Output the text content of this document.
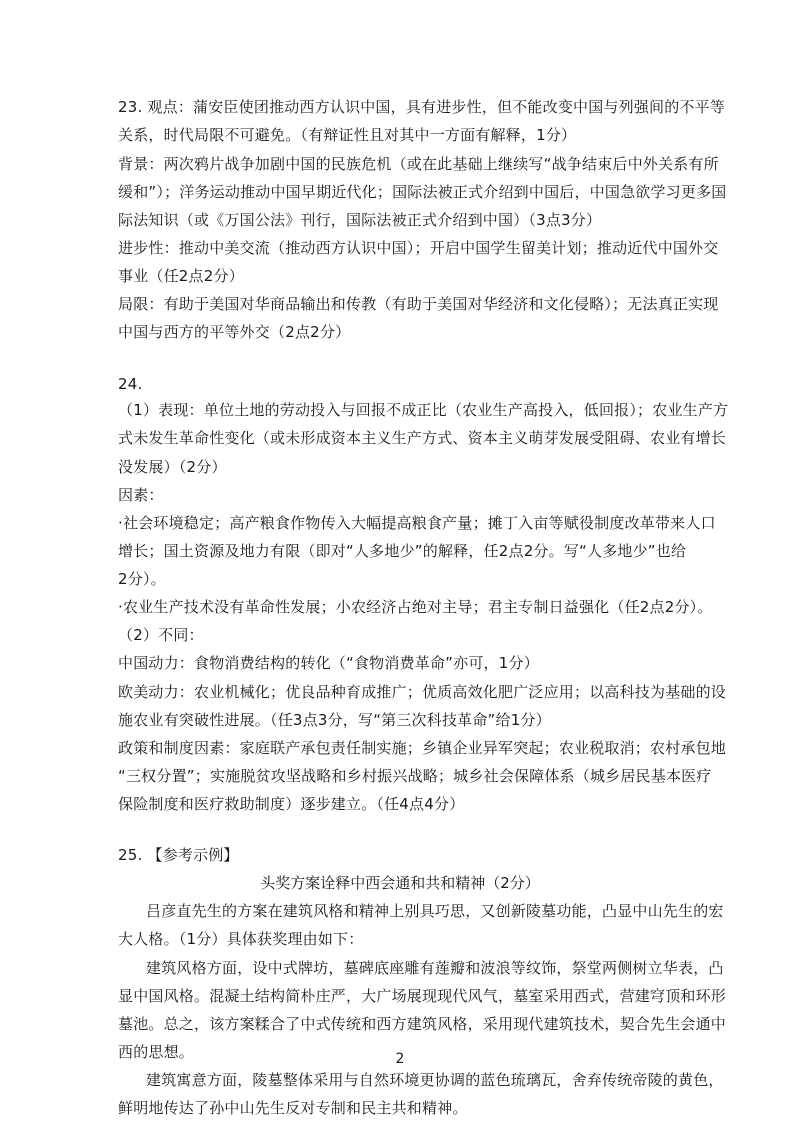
23. 观点：蒲安臣使团推动西方认识中国，具有进步性，但不能改变中国与列强间的不平等
关系，时代局限不可避免。（有辩证性且对其中一方面有解释，1分）
背景：两次鸦片战争加剧中国的民族危机（或在此基础上继续写“战争结束后中外关系有所
缓和”）；洋务运动推动中国早期近代化；国际法被正式介绍到中国后，中国急欲学习更多国
际法知识（或《万国公法》刊行，国际法被正式介绍到中国）（3点3分）
进步性：推动中美交流（推动西方认识中国）；开启中国学生留美计划；推动近代中国外交
事业（任2点2分）
局限：有助于美国对华商品输出和传教（有助于美国对华经济和文化侵略）；无法真正实现
中国与西方的平等外交（2点2分）
24.
（1）表现：单位土地的劳动投入与回报不成正比（农业生产高投入，低回报）；农业生产方
式未发生革命性变化（或未形成资本主义生产方式、资本主义萌芽发展受阻碍、农业有增长
没发展）（2分）
因素：
·社会环境稳定；高产粮食作物传入大幅提高粮食产量；摊丁入亩等赋役制度改革带来人口
增长；国土资源及地力有限（即对“人多地少”的解释，任2点2分。写“人多地少”也给
2分）。
·农业生产技术没有革命性发展；小农经济占绝对主导；君主专制日益强化（任2点2分）。
（2）不同：
中国动力：食物消费结构的转化（“食物消费革命”亦可，1分）
欧美动力：农业机械化；优良品种育成推广；优质高效化肥广泛应用；以高科技为基础的设
施农业有突破性进展。（任3点3分，写“第三次科技革命”给1分）
政策和制度因素：家庭联产承包责任制实施；乡镇企业异军突起；农业税取消；农村承包地
“三权分置”；实施脱贫攻坚战略和乡村振兴战略；城乡社会保障体系（城乡居民基本医疗
保险制度和医疗救助制度）逐步建立。（任4点4分）
25. 【参考示例】
头奖方案诠释中西会通和共和精神（2分）
吕彦直先生的方案在建筑风格和精神上别具巧思，又创新陵墓功能，凸显中山先生的宏
大人格。（1分）具体获奖理由如下：
建筑风格方面，设中式牌坊，墓碑底座雕有莲瓣和波浪等纹饰，祭堂两侧树立华表，凸
显中国风格。混凝土结构简朴庄严，大广场展现现代风气，墓室采用西式，营建穹顶和环形
墓池。总之，该方案糅合了中式传统和西方建筑风格，采用现代建筑技术，契合先生会通中
西的思想。
建筑寓意方面，陵墓整体采用与自然环境更协调的蓝色琉璃瓦，舍弃传统帝陵的黄色，
鲜明地传达了孙中山先生反对专制和民主共和精神。
2
